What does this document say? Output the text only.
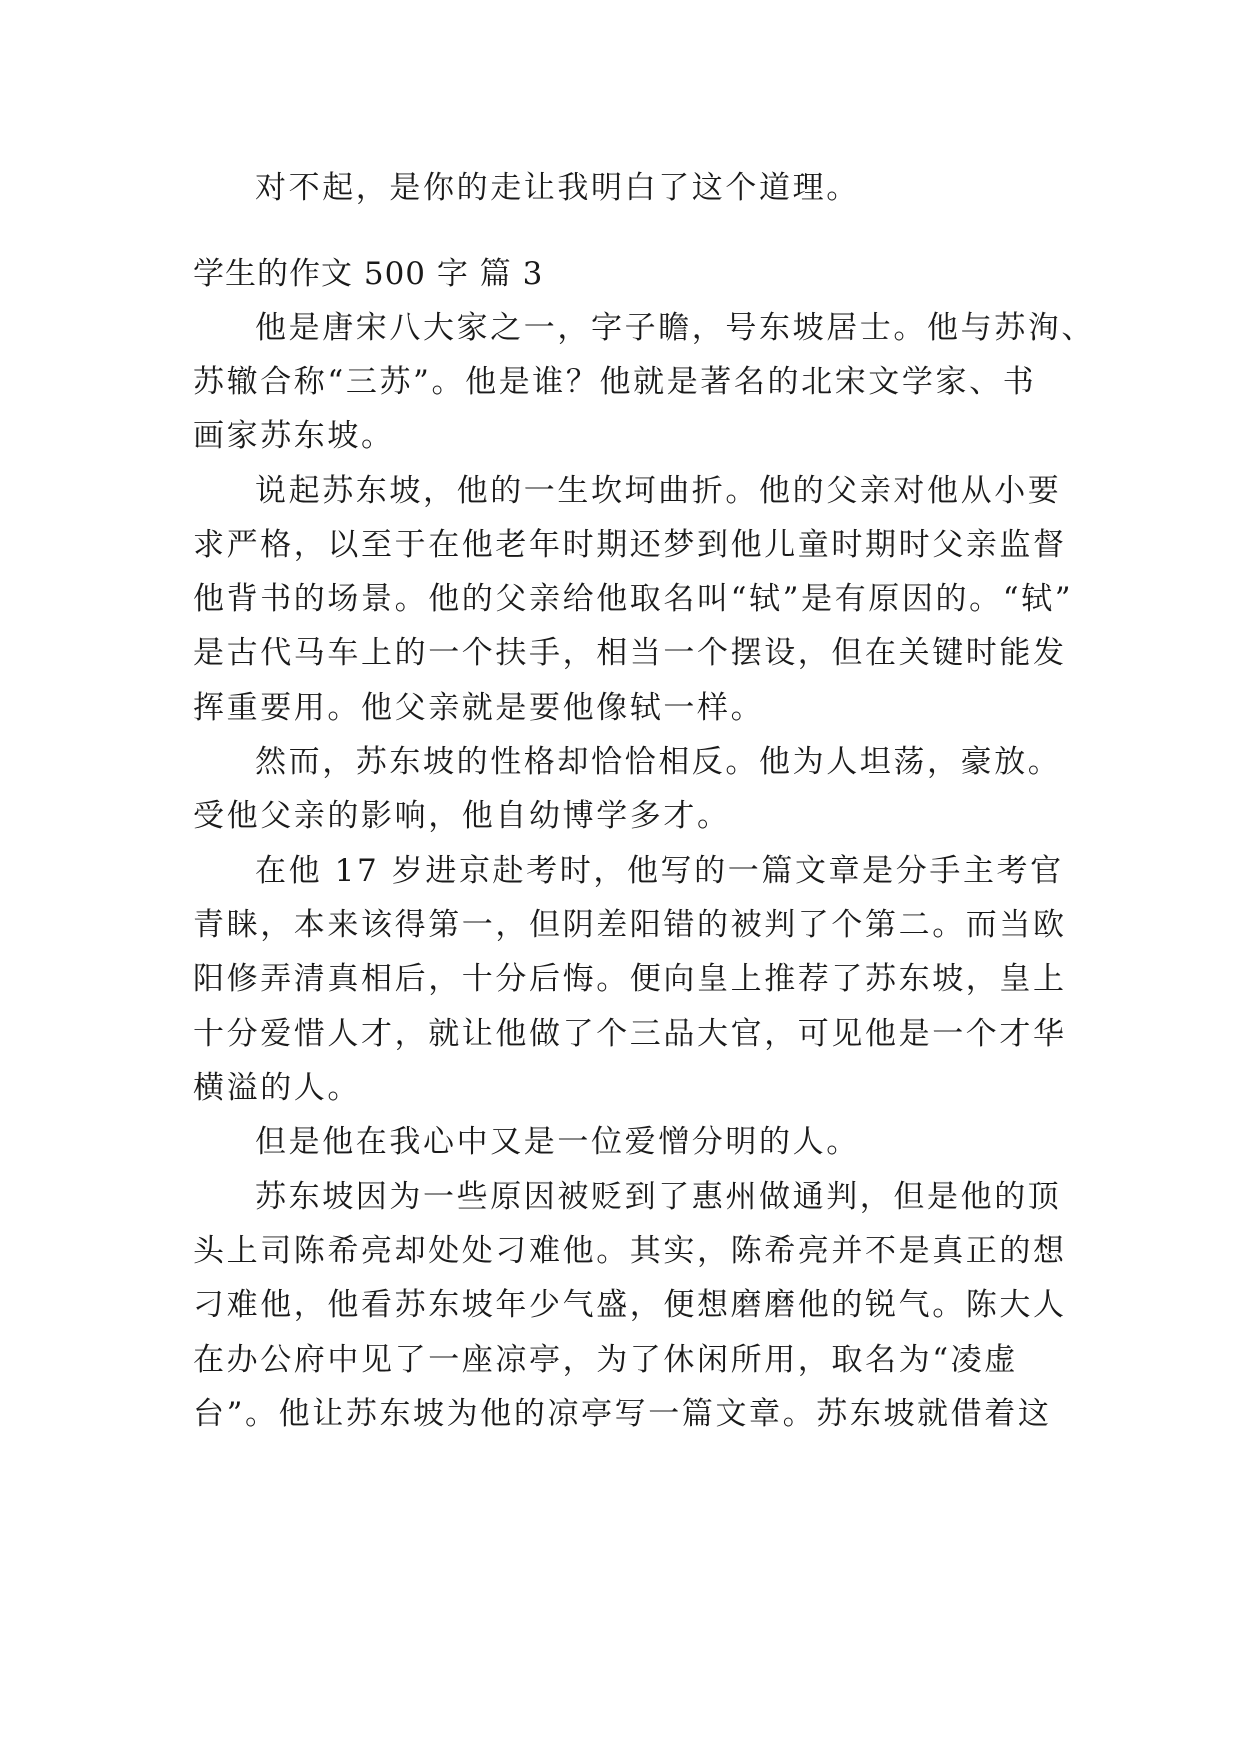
对不起，是你的走让我明白了这个道理。
学生的作文 500 字 篇 3
他是唐宋八大家之一，字子瞻，号东坡居士。他与苏洵、
苏辙合称“三苏”。他是谁？他就是著名的北宋文学家、书
画家苏东坡。
说起苏东坡，他的一生坎坷曲折。他的父亲对他从小要
求严格，以至于在他老年时期还梦到他儿童时期时父亲监督
他背书的场景。他的父亲给他取名叫“轼”是有原因的。“轼”
是古代马车上的一个扶手，相当一个摆设，但在关键时能发
挥重要用。他父亲就是要他像轼一样。
然而，苏东坡的性格却恰恰相反。他为人坦荡，豪放。
受他父亲的影响，他自幼博学多才。
在他 17 岁进京赴考时，他写的一篇文章是分手主考官
青睐，本来该得第一，但阴差阳错的被判了个第二。而当欧
阳修弄清真相后，十分后悔。便向皇上推荐了苏东坡，皇上
十分爱惜人才，就让他做了个三品大官，可见他是一个才华
横溢的人。
但是他在我心中又是一位爱憎分明的人。
苏东坡因为一些原因被贬到了惠州做通判，但是他的顶
头上司陈希亮却处处刁难他。其实，陈希亮并不是真正的想
刁难他，他看苏东坡年少气盛，便想磨磨他的锐气。陈大人
在办公府中见了一座凉亭，为了休闲所用，取名为“凌虚
台”。他让苏东坡为他的凉亭写一篇文章。苏东坡就借着这
